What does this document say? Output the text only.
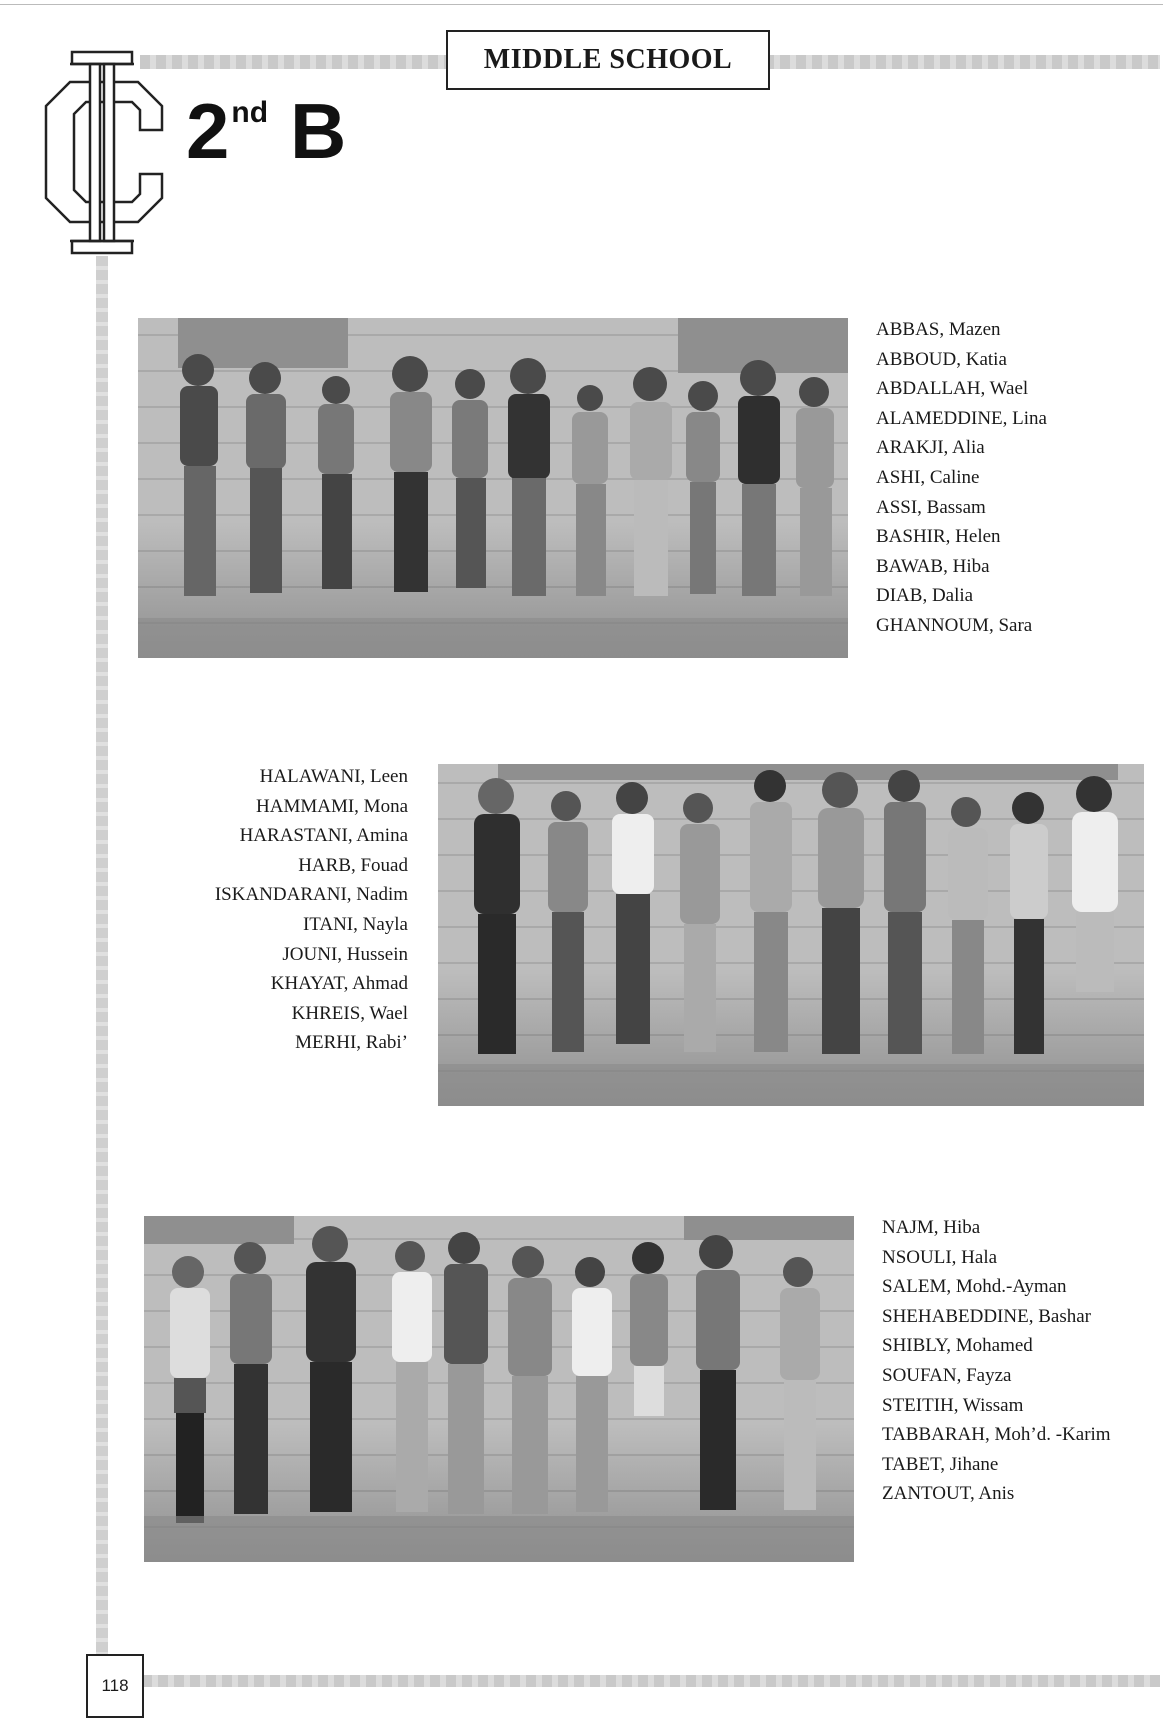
MIDDLE SCHOOL
2nd B
ABBAS, Mazen
ABBOUD, Katia
ABDALLAH, Wael
ALAMEDDINE, Lina
ARAKJI, Alia
ASHI, Caline
ASSI, Bassam
BASHIR, Helen
BAWAB, Hiba
DIAB, Dalia
GHANNOUM, Sara
HALAWANI, Leen
HAMMAMI, Mona
HARASTANI, Amina
HARB, Fouad
ISKANDARANI, Nadim
ITANI, Nayla
JOUNI, Hussein
KHAYAT, Ahmad
KHREIS, Wael
MERHI, Rabi’
NAJM, Hiba
NSOULI, Hala
SALEM, Mohd.-Ayman
SHEHABEDDINE, Bashar
SHIBLY, Mohamed
SOUFAN, Fayza
STEITIH, Wissam
TABBARAH, Moh’d. -Karim
TABET, Jihane
ZANTOUT, Anis
118
